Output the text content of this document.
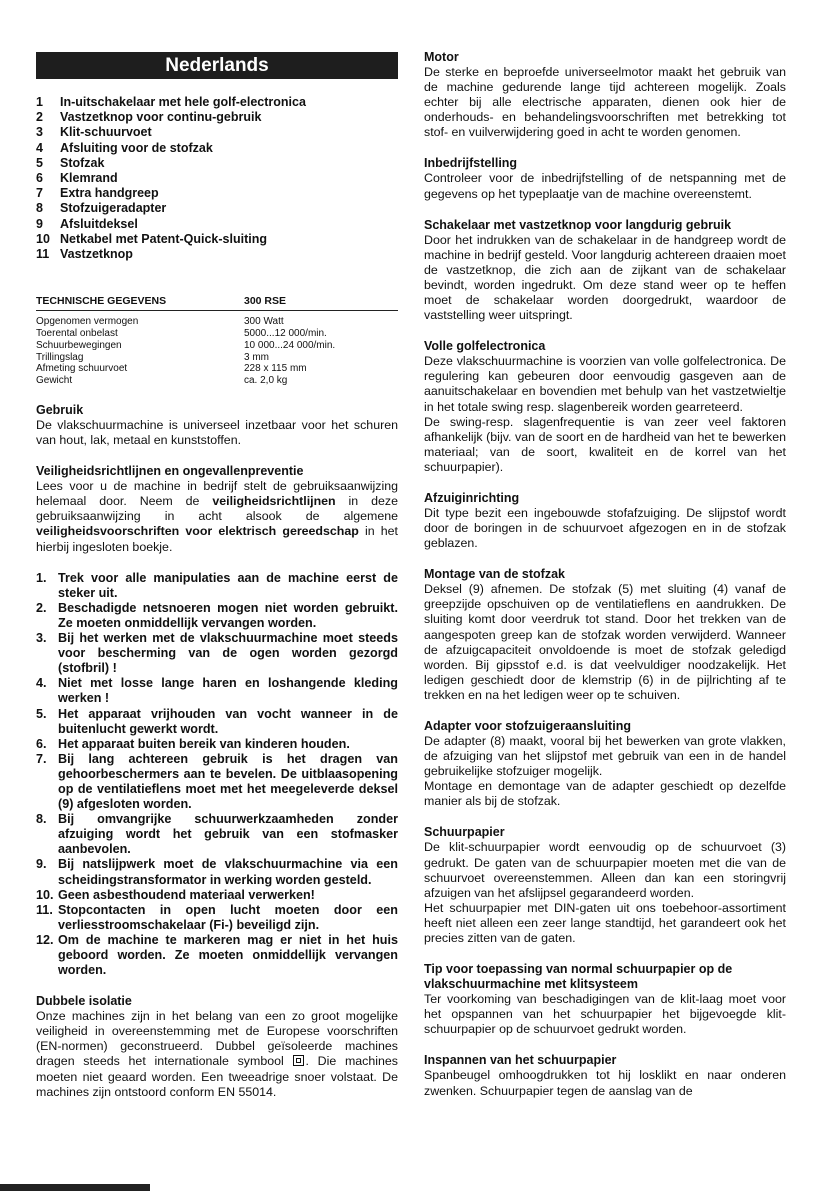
Nederlands
1	In-uitschakelaar met hele golf-electronica
2	Vastzetknop voor continu-gebruik
3	Klit-schuurvoet
4	Afsluiting voor de stofzak
5	Stofzak
6	Klemrand
7	Extra handgreep
8	Stofzuigeradapter
9	Afsluitdeksel
10 Netkabel met Patent-Quick-sluiting
11 Vastzetknop
TECHNISCHE GEGEVENS	300 RSE
Opgenomen vermogen	300 Watt
Toerental onbelast	5000...12 000/min.
Schuurbewegingen	10 000...24 000/min.
Trillingslag	3 mm
Afmeting schuurvoet	228 x 115 mm
Gewicht	ca. 2,0 kg
Gebruik

De vlakschuurmachine is universeel inzetbaar voor het schuren van hout, lak, metaal en kunststoffen.

Veiligheidsrichtlijnen en ongevallenpreventie

Lees voor u de machine in bedrijf stelt de gebruiksaanwijzing helemaal door. Neem de veiligheidsrichtlijnen in deze gebruiksaanwijzing in acht alsook de algemene veiligheidsvoorschriften voor elektrisch gereedschap in het hierbij ingesloten boekje.

1. Trek voor alle manipulaties aan de machine eerst de steker uit.
2. Beschadigde netsnoeren mogen niet worden gebruikt. Ze moeten onmiddellijk vervangen worden.
3. Bij het werken met de vlakschuurmachine moet steeds voor bescherming van de ogen worden gezorgd (stofbril) !
4. Niet met losse lange haren en loshangende kleding werken !
5. Het apparaat vrijhouden van vocht wanneer in de buitenlucht gewerkt wordt.
6. Het apparaat buiten bereik van kinderen houden.
7. Bij lang achtereen gebruik is het dragen van gehoorbeschermers aan te bevelen. De uitblaasopening op de ventilatieflens moet met het meegeleverde deksel (9) afgesloten worden.
8. Bij omvangrijke schuurwerkzaamheden zonder afzuiging wordt het gebruik van een stofmasker aanbevolen.
9. Bij natslijpwerk moet de vlakschuurmachine via een scheidingstransformator in werking worden gesteld.
10. Geen asbesthoudend materiaal verwerken!
11. Stopcontacten in open lucht moeten door een verliesstroomschakelaar (Fi-) beveiligd zijn.
12. Om de machine te markeren mag er niet in het huis geboord worden. Ze moeten onmiddellijk vervangen worden.
Dubbele isolatie

Onze machines zijn in het belang van een zo groot mogelijke veiligheid in overeenstemming met de Europese voorschriften (EN-normen) geconstrueerd. Dubbel geïsoleerde machines dragen steeds het internationale symbool . Die machines moeten niet geaard worden. Een tweeadrige snoer volstaat. De machines zijn ontstoord conform EN 55014.

Motor

De sterke en beproefde universeelmotor maakt het gebruik van de machine gedurende lange tijd achtereen mogelijk. Zoals echter bij alle electrische apparaten, dienen ook hier de onderhouds- en behandelingsvoorschriften met betrekking tot stof- en vuilverwijdering goed in acht te worden genomen.

Inbedrijfstelling

Controleer voor de inbedrijfstelling of de netspanning met de gegevens op het typeplaatje van de machine overeenstemt.

Schakelaar met vastzetknop voor langdurig gebruik

Door het indrukken van de schakelaar in de handgreep wordt de machine in bedrijf gesteld. Voor langdurig achtereen draaien moet de vastzetknop, die zich aan de zijkant van de schakelaar bevindt, worden ingedrukt. Om deze stand weer op te heffen moet de schakelaar worden doorgedrukt, waardoor de vaststelling weer uitspringt.

Volle golfelectronica

Deze vlakschuurmachine is voorzien van volle golfelectronica. De regulering kan gebeuren door eenvoudig gasgeven aan de aanuitschakelaar en bovendien met behulp van het vastzetwieltje in het totale swing resp. slagenbereik worden gearreteerd.

De swing-resp. slagenfrequentie is van zeer veel faktoren afhankelijk (bijv. van de soort en de hardheid van het te bewerken materiaal; van de soort, kwaliteit en de korrel van het schuurpapier).

Afzuiginrichting

Dit type bezit een ingebouwde stofafzuiging. De slijpstof wordt door de boringen in de schuurvoet afgezogen en in de stofzak geblazen.

Montage van de stofzak

Deksel (9) afnemen. De stofzak (5) met sluiting (4) vanaf de greepzijde opschuiven op de ventilatieflens en aandrukken. De sluiting komt door veerdruk tot stand. Door het trekken van de aangespoten greep kan de stofzak worden verwijderd. Wanneer de afzuigcapaciteit onvoldoende is moet de stofzak geledigd worden. Bij gipsstof e.d. is dat veelvuldiger noodzakelijk. Het ledigen geschiedt door de klemstrip (6) in de pijlrichting af te trekken en na het ledigen weer op te schuiven.

Adapter voor stofzuigeraansluiting

De adapter (8) maakt, vooral bij het bewerken van grote vlakken, de afzuiging van het slijpstof met gebruik van een in de handel gebruikelijke stofzuiger mogelijk.

Montage en demontage van de adapter geschiedt op dezelfde manier als bij de stofzak.

Schuurpapier

De klit-schuurpapier wordt eenvoudig op de schuurvoet (3) gedrukt. De gaten van de schuurpapier moeten met die van de schuurvoet overeenstemmen. Alleen dan kan een storingvrij afzuigen van het afslijpsel gegarandeerd worden.

Het schuurpapier met DIN-gaten uit ons toebehoor-assortiment heeft niet alleen een zeer lange standtijd, het garandeert ook het precies zitten van de gaten.

Tip voor toepassing van normal schuurpapier op de vlakschuurmachine met klitsysteem

Ter voorkoming van beschadigingen van de klit-laag moet voor het opspannen van het schuurpapier het bijgevoegde klit-schuurpapier op de schuurvoet gedrukt worden.

Inspannen van het schuurpapier

Spanbeugel omhoogdrukken tot hij losklikt en naar onderen zwenken. Schuurpapier tegen de aanslag van de
